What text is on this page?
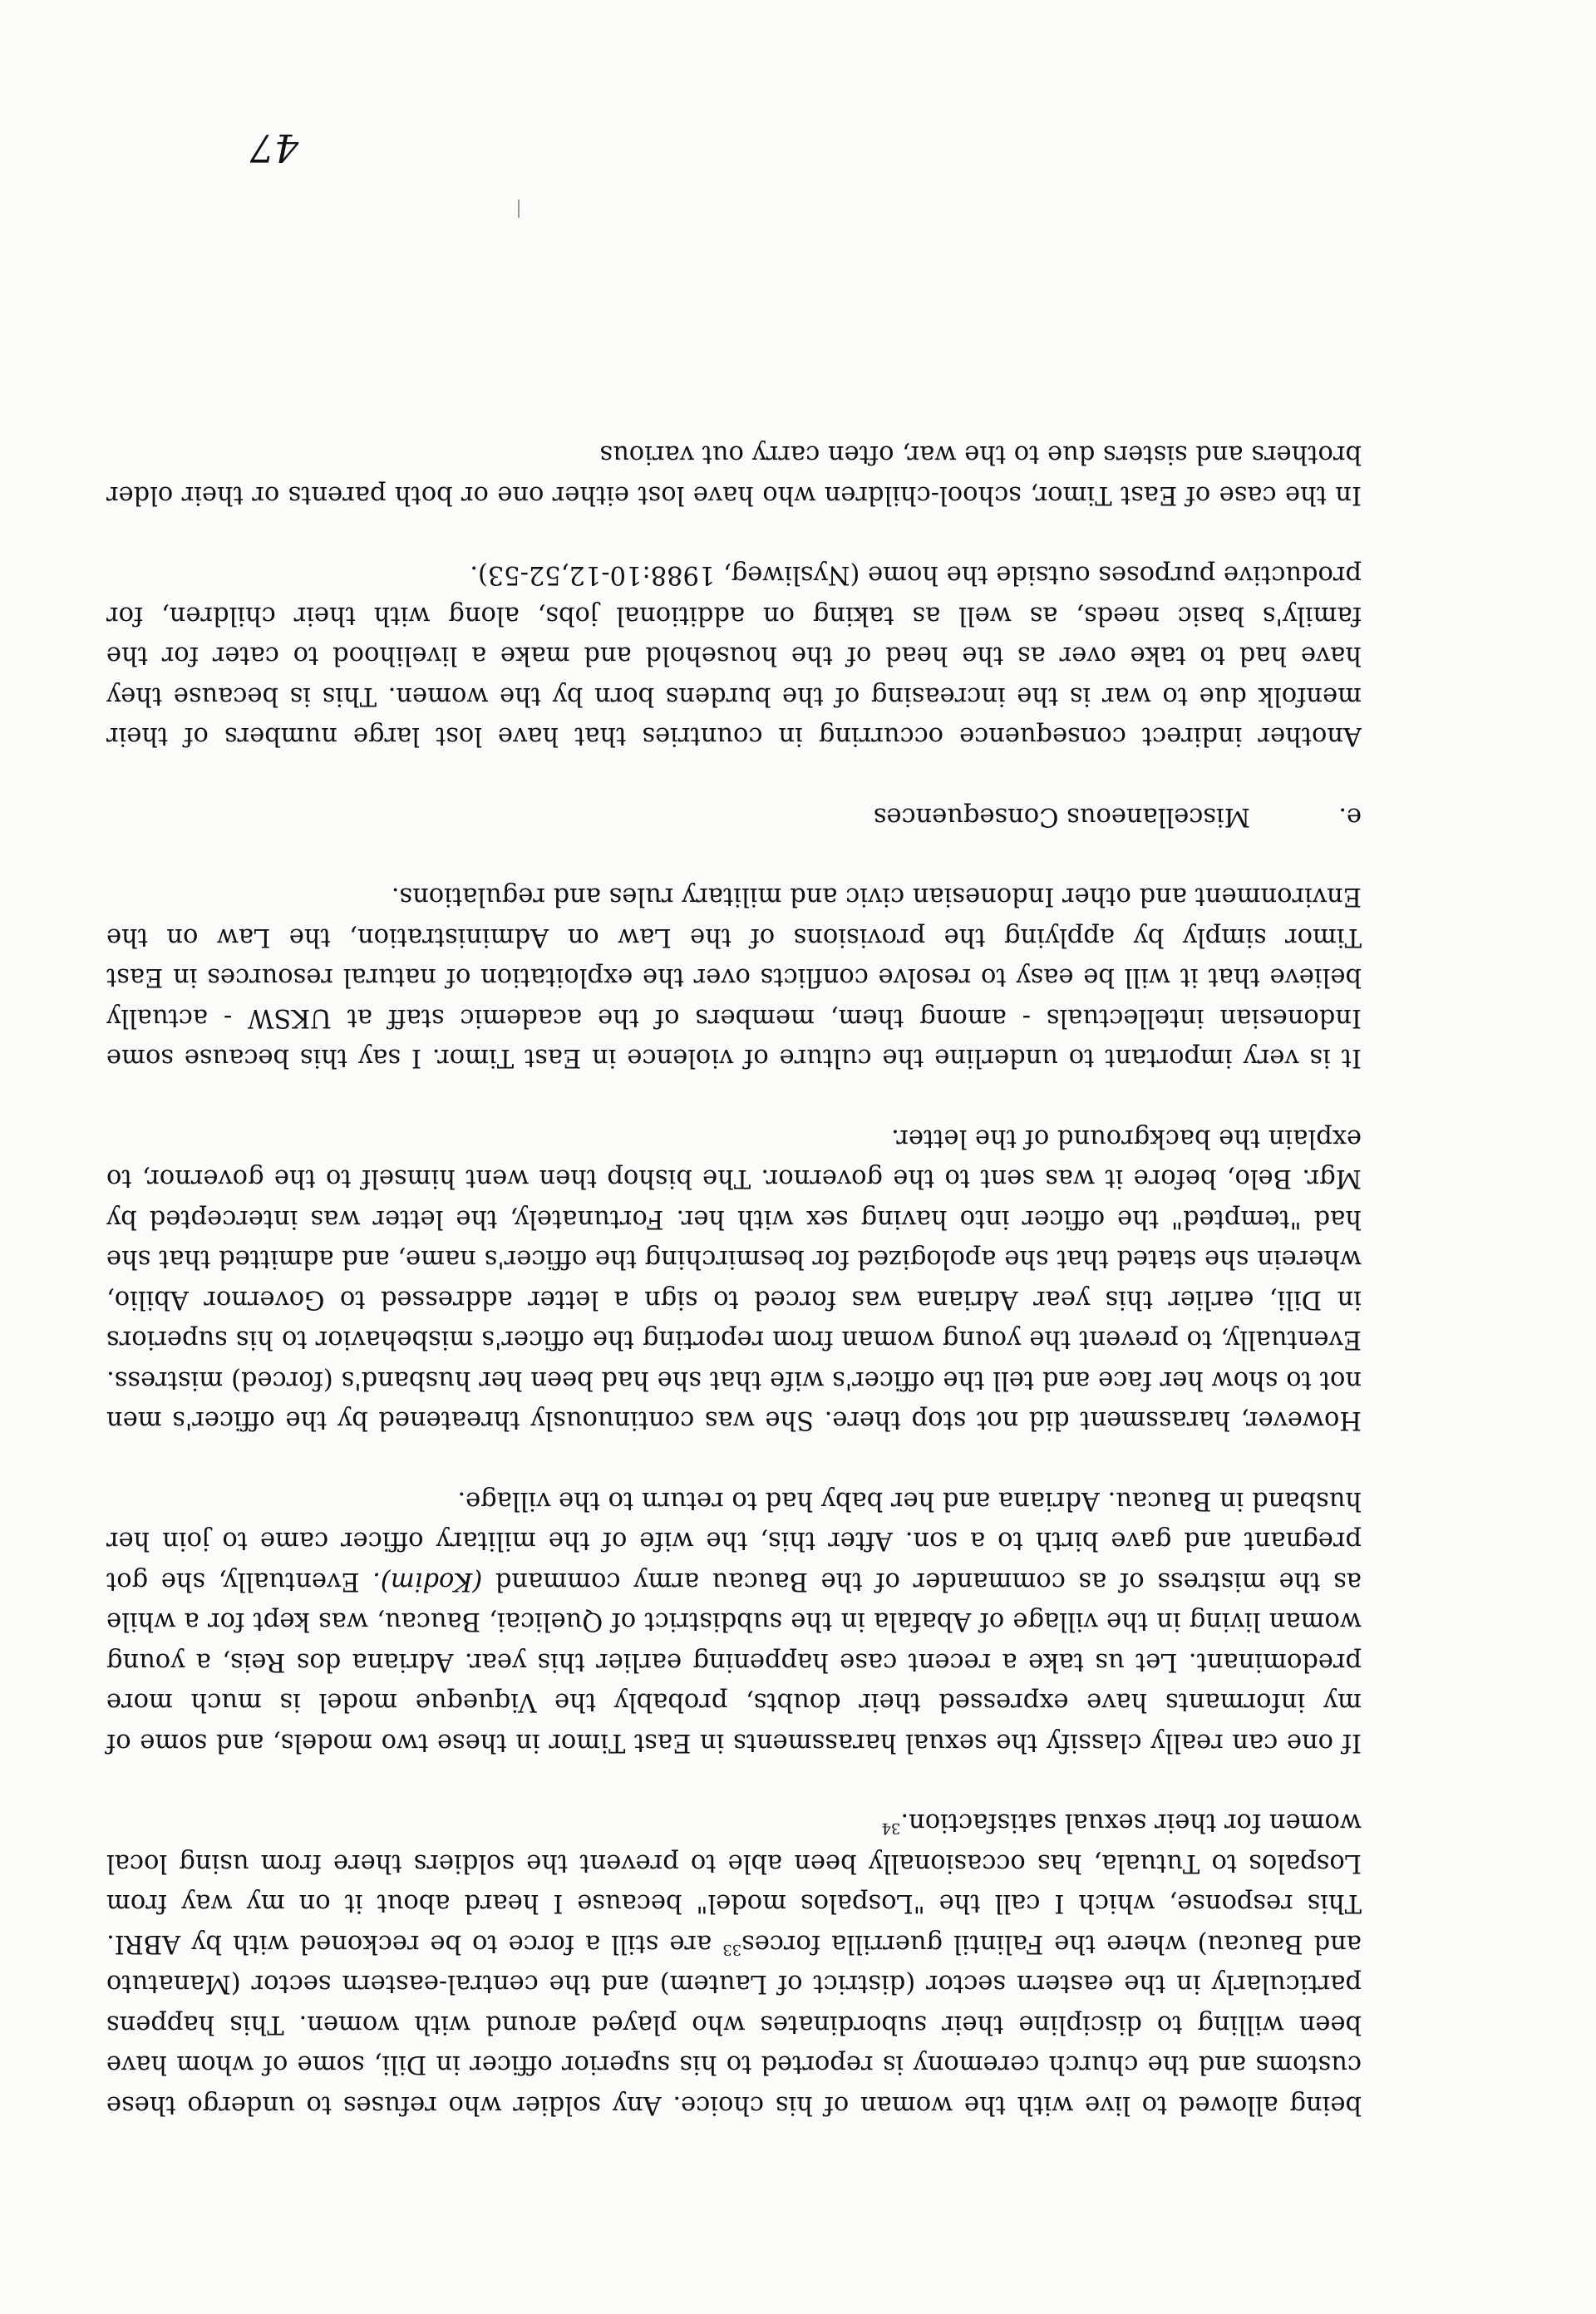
being allowed to live with the woman of his choice. Any soldier who refuses to undergo these customs and the church ceremony is reported to his superior officer in Dili, some of whom have been willing to discipline their subordinates who played around with women. This happens particularly in the eastern sector (district of Lautem) and the central-eastern sector (Manatuto and Baucau) where the Falintil guerrilla forces$^{33}$ are still a force to be reckoned with by ABRI. This response, which I call the "Lospalos model" because I heard about it on my way from Lospalos to Tutuala, has occasionally been able to prevent the soldiers there from using local women for their sexual satisfaction.$^{34}$

If one can really classify the sexual harassments in East Timor in these two models, and some of my informants have expressed their doubts, probably the Viqueque model is much more predominant. Let us take a recent case happening earlier this year. Adriana dos Reis, a young woman living in the village of Abafala in the subdistrict of Quelicai, Baucau, was kept for a while as the mistress of as commander of the Baucau army command (Kodim). Eventually, she got pregnant and gave birth to a son. After this, the wife of the military officer came to join her husband in Baucau. Adriana and her baby had to return to the village.

However, harassment did not stop there. She was continuously threatened by the officer's men not to show her face and tell the officer's wife that she had been her husband's (forced) mistress. Eventually, to prevent the young woman from reporting the officer's misbehavior to his superiors in Dili, earlier this year Adriana was forced to sign a letter addressed to Governor Abilio, wherein she stated that she apologized for besmirching the officer's name, and admitted that she had "tempted" the officer into having sex with her. Fortunately, the letter was intercepted by Mgr. Belo, before it was sent to the governor. The bishop then went himself to the governor, to explain the background of the letter.

It is very important to underline the culture of violence in East Timor. I say this because some Indonesian intellectuals - among them, members of the academic staff at UKSW - actually believe that it will be easy to resolve conflicts over the exploitation of natural resources in East Timor simply by applying the provisions of the Law on Administration, the Law on the Environment and other Indonesian civic and military rules and regulations.

e.Miscellaneous Consequences

Another indirect consequence occurring in countries that have lost large numbers of their menfolk due to war is the increasing of the burdens born by the women. This is because they have had to take over as the head of the household and make a livelihood to cater for the family's basic needs, as well as taking on additional jobs, along with their children, for productive purposes outside the home (Nysliweg, 1988:10-12,52-53).

In the case of East Timor, school-children who have lost either one or both parents or their older brothers and sisters due to the war, often carry out various

47
